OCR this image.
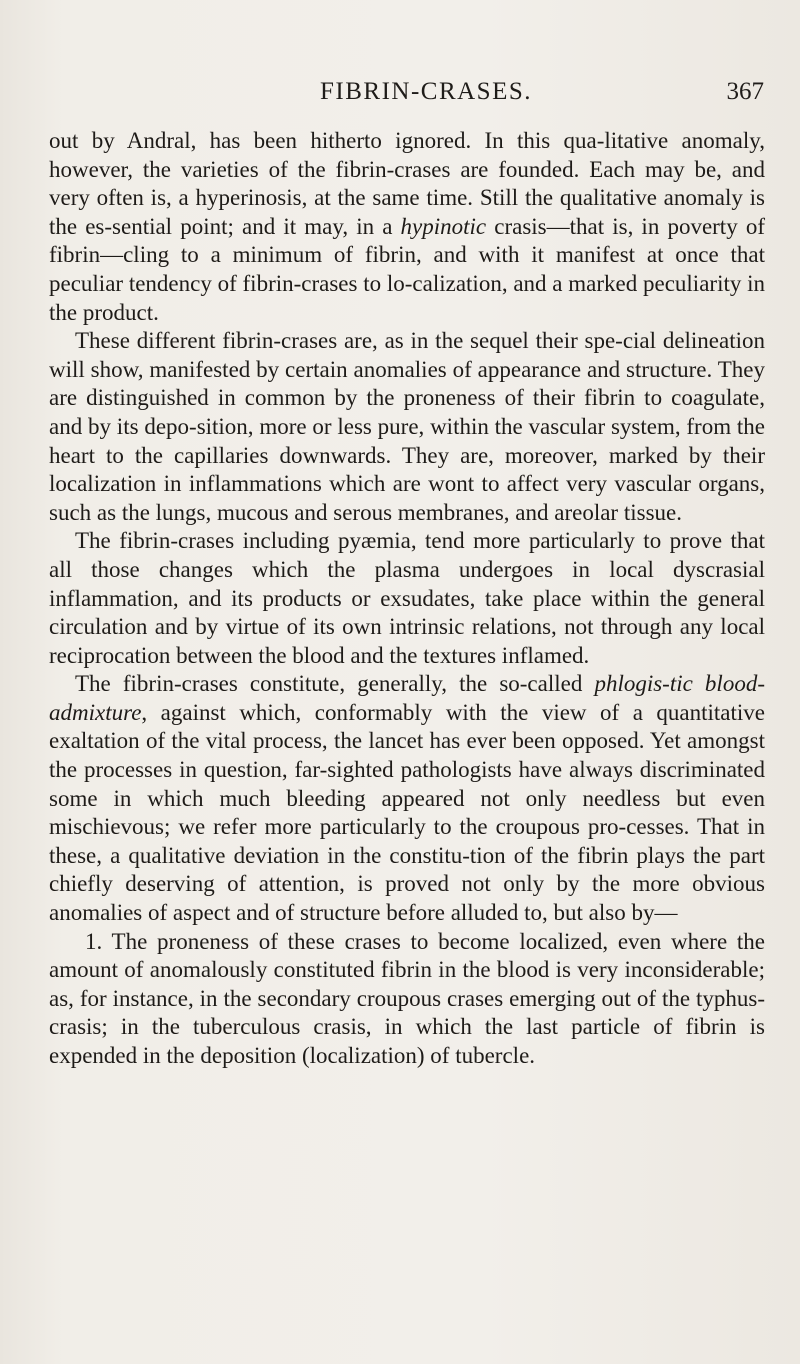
FIBRIN-CRASES.	367

out by Andral, has been hitherto ignored. In this qua-litative anomaly, however, the varieties of the fibrin-crases are founded. Each may be, and very often is, a hyperinosis, at the same time. Still the qualitative anomaly is the es-sential point; and it may, in a hypinotic crasis—that is, in poverty of fibrin—cling to a minimum of fibrin, and with it manifest at once that peculiar tendency of fibrin-crases to lo-calization, and a marked peculiarity in the product.

These different fibrin-crases are, as in the sequel their spe-cial delineation will show, manifested by certain anomalies of appearance and structure. They are distinguished in common by the proneness of their fibrin to coagulate, and by its depo-sition, more or less pure, within the vascular system, from the heart to the capillaries downwards. They are, moreover, marked by their localization in inflammations which are wont to affect very vascular organs, such as the lungs, mucous and serous membranes, and areolar tissue.

The fibrin-crases including pyæmia, tend more particularly to prove that all those changes which the plasma undergoes in local dyscrasial inflammation, and its products or exsudates, take place within the general circulation and by virtue of its own intrinsic relations, not through any local reciprocation between the blood and the textures inflamed.

The fibrin-crases constitute, generally, the so-called phlogis-tic blood-admixture, against which, conformably with the view of a quantitative exaltation of the vital process, the lancet has ever been opposed. Yet amongst the processes in question, far-sighted pathologists have always discriminated some in which much bleeding appeared not only needless but even mischievous; we refer more particularly to the croupous pro-cesses. That in these, a qualitative deviation in the constitu-tion of the fibrin plays the part chiefly deserving of attention, is proved not only by the more obvious anomalies of aspect and of structure before alluded to, but also by—

1. The proneness of these crases to become localized, even where the amount of anomalously constituted fibrin in the blood is very inconsiderable; as, for instance, in the secondary croupous crases emerging out of the typhus-crasis; in the tuberculous crasis, in which the last particle of fibrin is expended in the deposition (localization) of tubercle.
